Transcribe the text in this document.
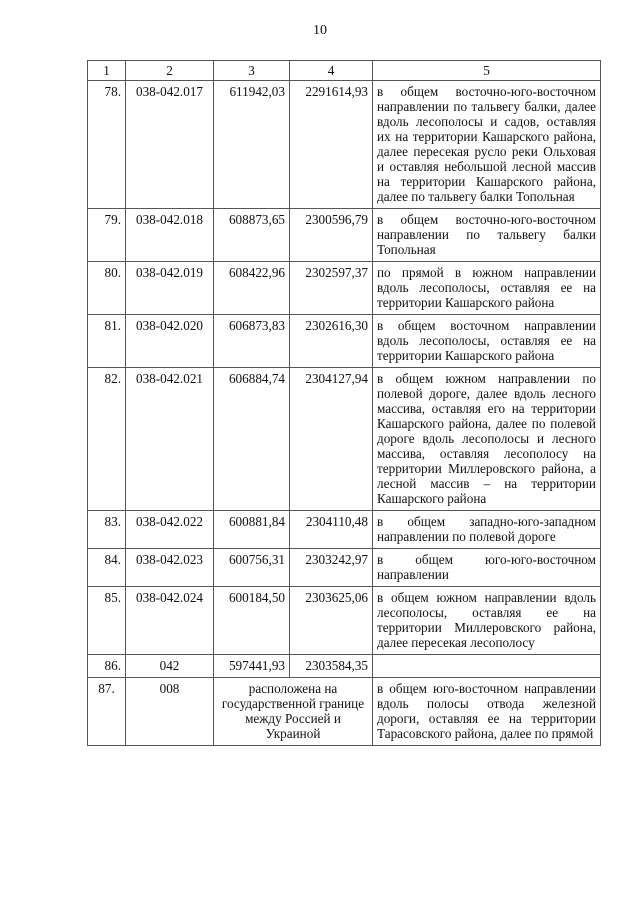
10
1	2	3	4	5
78.	038-042.017	611942,03	2291614,93	в общем восточно-юго-восточном направлении по тальвегу балки, далее вдоль лесополосы и садов, оставляя их на территории Кашарского района, далее пересекая русло реки Ольховая и оставляя небольшой лесной массив на территории Кашарского района, далее по тальвегу балки Топольная
79.	038-042.018	608873,65	2300596,79	в общем восточно-юго-восточном направлении по тальвегу балки Топольная
80.	038-042.019	608422,96	2302597,37	по прямой в южном направлении вдоль лесополосы, оставляя ее на территории Кашарского района
81.	038-042.020	606873,83	2302616,30	в общем восточном направлении вдоль лесополосы, оставляя ее на территории Кашарского района
82.	038-042.021	606884,74	2304127,94	в общем южном направлении по полевой дороге, далее вдоль лесного массива, оставляя его на территории Кашарского района, далее по полевой дороге вдоль лесополосы и лесного массива, оставляя лесополосу на территории Миллеровского района, а лесной массив – на территории Кашарского района
83.	038-042.022	600881,84	2304110,48	в общем западно-юго-западном направлении по полевой дороге
84.	038-042.023	600756,31	2303242,97	в общем юго-юго-восточном направлении
85.	038-042.024	600184,50	2303625,06	в общем южном направлении вдоль лесополосы, оставляя ее на территории Миллеровского района, далее пересекая лесополосу
86.	042	597441,93	2303584,35	
87.	008	расположена на государственной границе между Россией и Украиной		в общем юго-восточном направлении вдоль полосы отвода железной дороги, оставляя ее на территории Тарасовского района, далее по прямой
